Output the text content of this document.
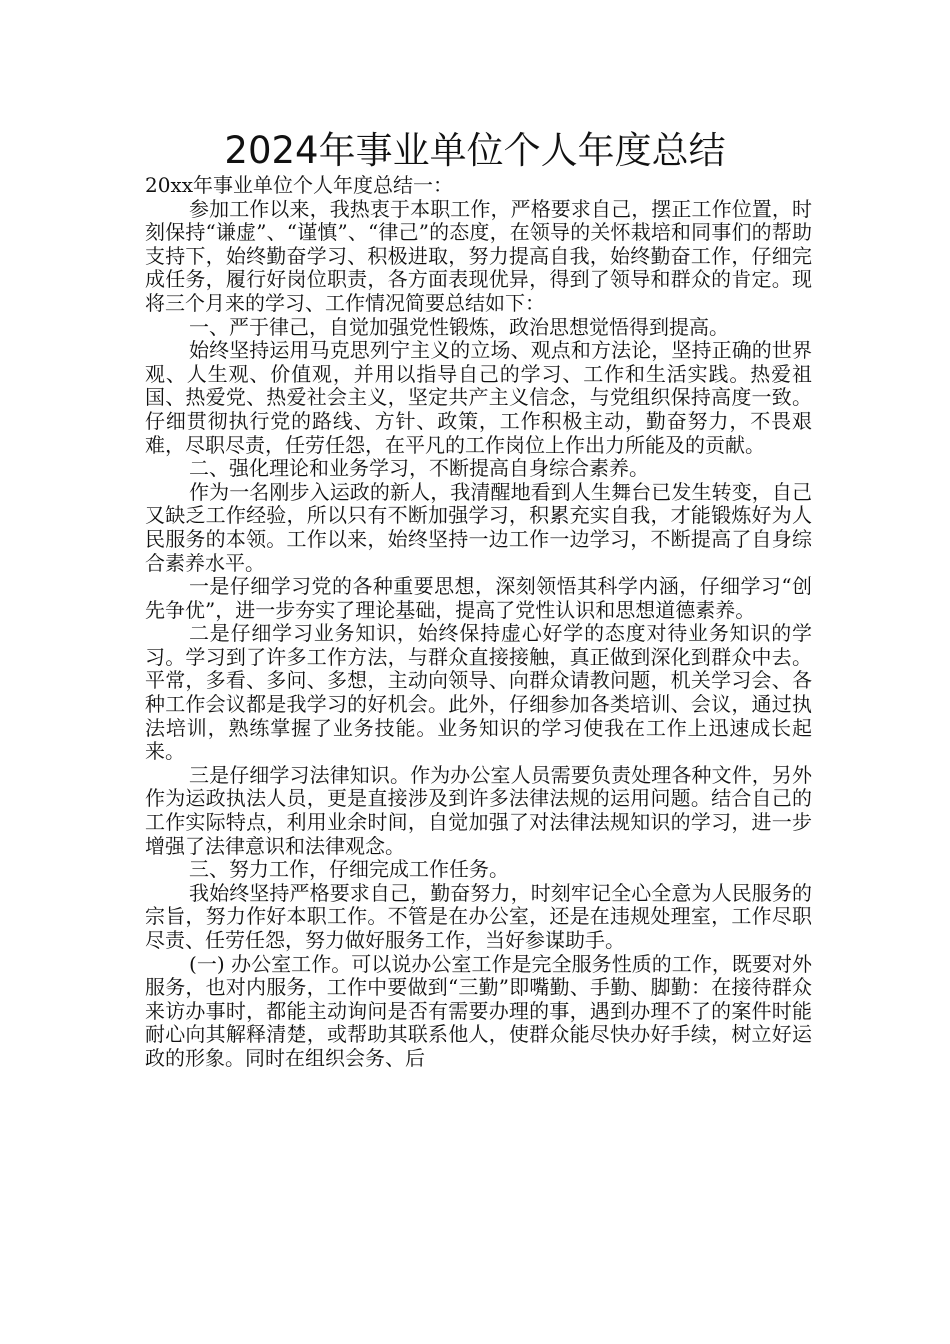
2024年事业单位个人年度总结

20xx年事业单位个人年度总结一：

参加工作以来，我热衷于本职工作，严格要求自己，摆正工作位置，时刻保持“谦虚”、“谨慎”、“律己”的态度，在领导的关怀栽培和同事们的帮助支持下，始终勤奋学习、积极进取，努力提高自我，始终勤奋工作，仔细完成任务，履行好岗位职责，各方面表现优异，得到了领导和群众的肯定。现将三个月来的学习、工作情况简要总结如下：

一、严于律己，自觉加强党性锻炼，政治思想觉悟得到提高。

始终坚持运用马克思列宁主义的立场、观点和方法论，坚持正确的世界观、人生观、价值观，并用以指导自己的学习、工作和生活实践。热爱祖国、热爱党、热爱社会主义，坚定共产主义信念，与党组织保持高度一致。仔细贯彻执行党的路线、方针、政策，工作积极主动，勤奋努力，不畏艰难，尽职尽责，任劳任怨，在平凡的工作岗位上作出力所能及的贡献。

二、强化理论和业务学习，不断提高自身综合素养。

作为一名刚步入运政的新人，我清醒地看到人生舞台已发生转变，自己又缺乏工作经验，所以只有不断加强学习，积累充实自我，才能锻炼好为人民服务的本领。工作以来，始终坚持一边工作一边学习，不断提高了自身综合素养水平。

一是仔细学习党的各种重要思想，深刻领悟其科学内涵，仔细学习“创先争优”，进一步夯实了理论基础，提高了党性认识和思想道德素养。

二是仔细学习业务知识，始终保持虚心好学的态度对待业务知识的学习。学习到了许多工作方法，与群众直接接触，真正做到深化到群众中去。平常，多看、多问、多想，主动向领导、向群众请教问题，机关学习会、各种工作会议都是我学习的好机会。此外，仔细参加各类培训、会议，通过执法培训，熟练掌握了业务技能。业务知识的学习使我在工作上迅速成长起来。

三是仔细学习法律知识。作为办公室人员需要负责处理各种文件，另外作为运政执法人员，更是直接涉及到许多法律法规的运用问题。结合自己的工作实际特点，利用业余时间，自觉加强了对法律法规知识的学习，进一步增强了法律意识和法律观念。

三、努力工作，仔细完成工作任务。

我始终坚持严格要求自己，勤奋努力，时刻牢记全心全意为人民服务的宗旨，努力作好本职工作。不管是在办公室，还是在违规处理室，工作尽职尽责、任劳任怨，努力做好服务工作，当好参谋助手。

(一) 办公室工作。可以说办公室工作是完全服务性质的工作，既要对外服务，也对内服务，工作中要做到“三勤”即嘴勤、手勤、脚勤：在接待群众来访办事时，都能主动询问是否有需要办理的事，遇到办理不了的案件时能耐心向其解释清楚，或帮助其联系他人，使群众能尽快办好手续，树立好运政的形象。同时在组织会务、后
